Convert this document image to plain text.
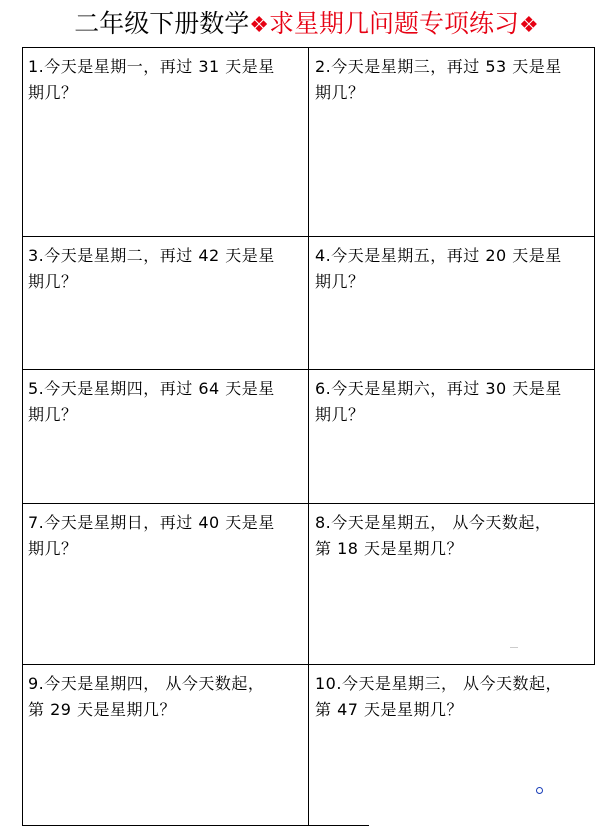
二年级下册数学❖求星期几问题专项练习❖
1.今天是星期一，再过 31 天是星
期几？
2.今天是星期三，再过 53 天是星
期几？
3.今天是星期二，再过 42 天是星
期几？
4.今天是星期五，再过 20 天是星
期几？
5.今天是星期四，再过 64 天是星
期几？
6.今天是星期六，再过 30 天是星
期几？
7.今天是星期日，再过 40 天是星
期几？
8.今天是星期五， 从今天数起，
第 18 天是星期几？
9.今天是星期四， 从今天数起，
第 29 天是星期几？
10.今天是星期三， 从今天数起，
第 47 天是星期几？
